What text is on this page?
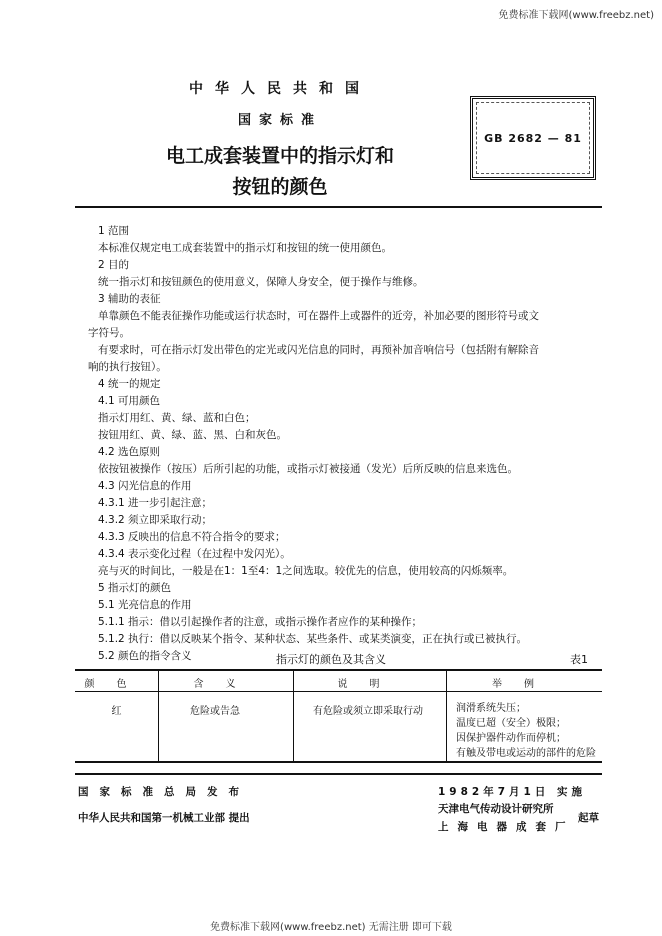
免费标准下载网(www.freebz.net)
中华人民共和国
国家标准
电工成套装置中的指示灯和
按钮的颜色
GB 2682 — 81
1 范围
本标准仅规定电工成套装置中的指示灯和按钮的统一使用颜色。
2 目的
统一指示灯和按钮颜色的使用意义，保障人身安全，便于操作与维修。
3 辅助的表征
单靠颜色不能表征操作功能或运行状态时，可在器件上或器件的近旁，补加必要的图形符号或文
字符号。
有要求时，可在指示灯发出带色的定光或闪光信息的同时，再预补加音响信号（包括附有解除音
响的执行按钮）。
4 统一的规定
4.1 可用颜色
指示灯用红、黄、绿、蓝和白色；
按钮用红、黄、绿、蓝、黑、白和灰色。
4.2 选色原则
依按钮被操作（按压）后所引起的功能，或指示灯被接通（发光）后所反映的信息来选色。
4.3 闪光信息的作用
4.3.1 进一步引起注意；
4.3.2 须立即采取行动；
4.3.3 反映出的信息不符合指令的要求；
4.3.4 表示变化过程（在过程中发闪光）。
亮与灭的时间比，一般是在1：1至4：1之间选取。较优先的信息，使用较高的闪烁频率。
5 指示灯的颜色
5.1 光亮信息的作用
5.1.1 指示：借以引起操作者的注意，或指示操作者应作的某种操作；
5.1.2 执行：借以反映某个指令、某种状态、某些条件、或某类演变，正在执行或已被执行。
5.2 颜色的指令含义	指示灯的颜色及其含义	表1
颜色	含义	说明	举例
红	危险或告急	有危险或须立即采取行动	润滑系统失压；
温度已超（安全）极限；
因保护器件动作而停机；
有触及带电或运动的部件的危险
国家标准总局发布	1982年7月1日 实施
中华人民共和国第一机械工业部 提出
天津电气传动设计研究所
上海电器成套厂
起草
免费标准下载网(www.freebz.net) 无需注册 即可下载
